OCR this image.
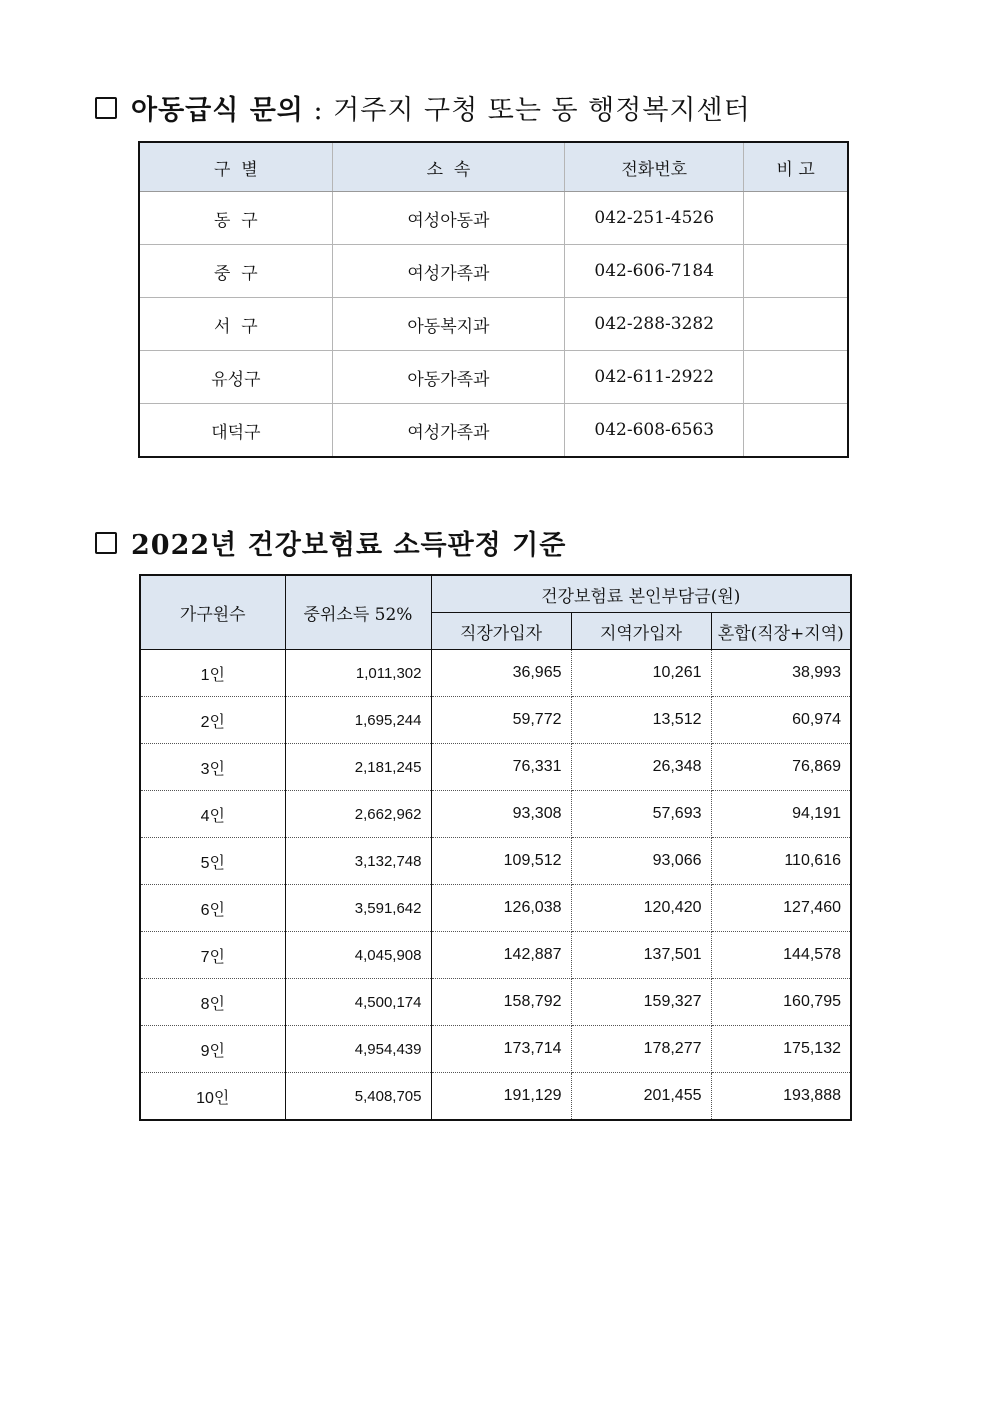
아동급식 문의 : 거주지 구청 또는 동 행정복지센터
구  별	소  속	전화번호	비 고
동  구	여성아동과	042-251-4526	
중  구	여성가족과	042-606-7184	
서  구	아동복지과	042-288-3282	
유성구	아동가족과	042-611-2922	
대덕구	여성가족과	042-608-6563	
2022년 건강보험료 소득판정 기준
가구원수	중위소득 52%	건강보험료 본인부담금(원)		
		직장가입자	지역가입자	혼합(직장+지역)
1인	1,011,302	36,965	10,261	38,993
2인	1,695,244	59,772	13,512	60,974
3인	2,181,245	76,331	26,348	76,869
4인	2,662,962	93,308	57,693	94,191
5인	3,132,748	109,512	93,066	110,616
6인	3,591,642	126,038	120,420	127,460
7인	4,045,908	142,887	137,501	144,578
8인	4,500,174	158,792	159,327	160,795
9인	4,954,439	173,714	178,277	175,132
10인	5,408,705	191,129	201,455	193,888
